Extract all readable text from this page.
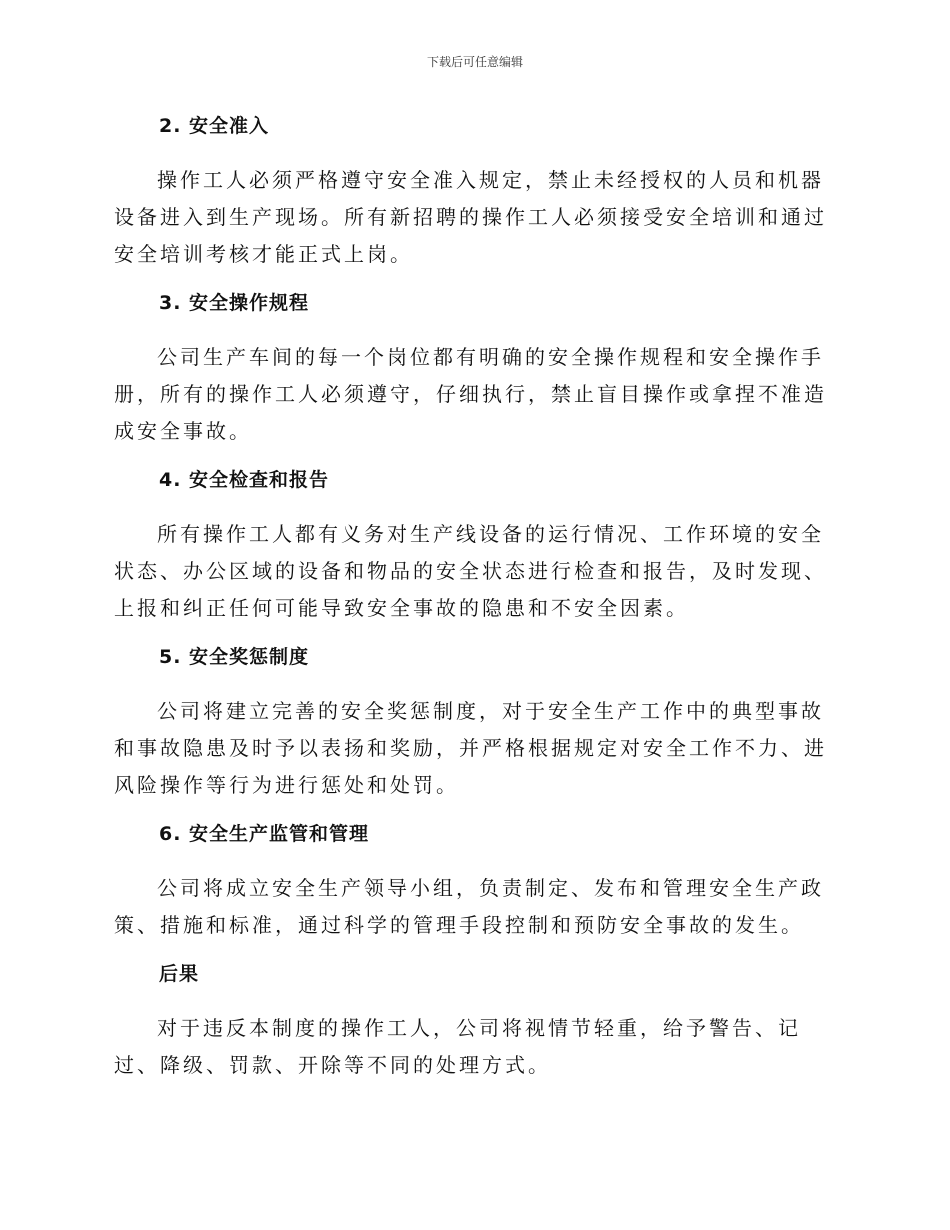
下载后可任意编辑
2. 安全准入

操作工人必须严格遵守安全准入规定，禁止未经授权的人员和机器设备进入到生产现场。所有新招聘的操作工人必须接受安全培训和通过安全培训考核才能正式上岗。

3. 安全操作规程

公司生产车间的每一个岗位都有明确的安全操作规程和安全操作手册，所有的操作工人必须遵守，仔细执行，禁止盲目操作或拿捏不准造成安全事故。

4. 安全检查和报告

所有操作工人都有义务对生产线设备的运行情况、工作环境的安全状态、办公区域的设备和物品的安全状态进行检查和报告，及时发现、上报和纠正任何可能导致安全事故的隐患和不安全因素。

5. 安全奖惩制度

公司将建立完善的安全奖惩制度，对于安全生产工作中的典型事故和事故隐患及时予以表扬和奖励，并严格根据规定对安全工作不力、进风险操作等行为进行惩处和处罚。

6. 安全生产监管和管理

公司将成立安全生产领导小组，负责制定、发布和管理安全生产政策、措施和标准，通过科学的管理手段控制和预防安全事故的发生。

后果

对于违反本制度的操作工人，公司将视情节轻重，给予警告、记过、降级、罚款、开除等不同的处理方式。
